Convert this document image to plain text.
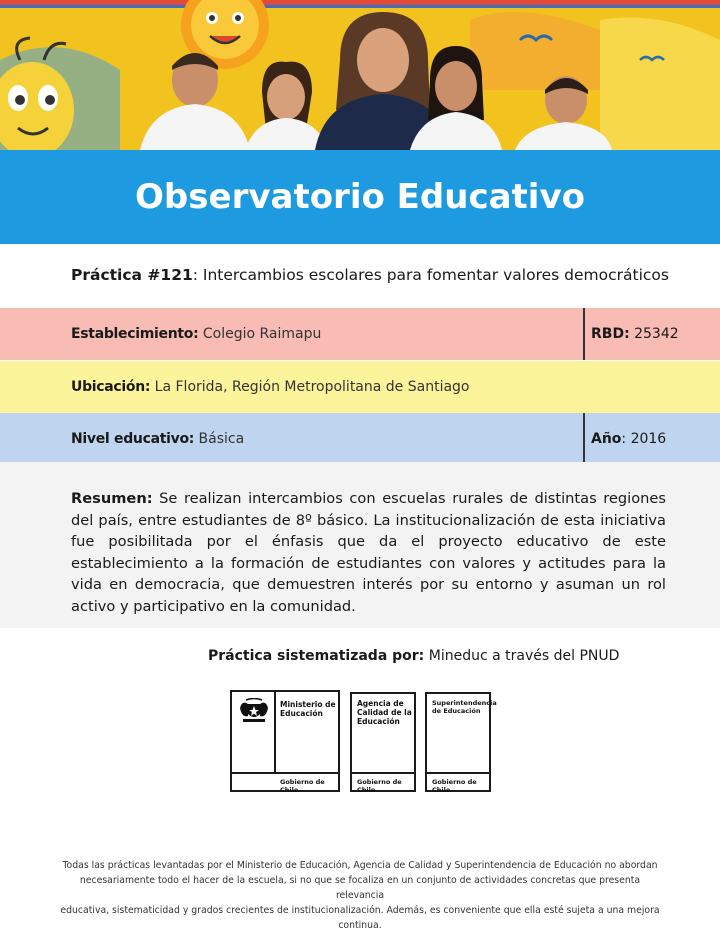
Observatorio Educativo
Práctica #121: Intercambios escolares para fomentar valores democráticos
Establecimiento: Colegio Raimapu	RBD: 25342
Ubicación: La Florida, Región Metropolitana de Santiago
Nivel educativo: Básica	Año: 2016
Resumen: Se realizan intercambios con escuelas rurales de distintas regiones del país, entre estudiantes de 8º básico. La institucionalización de esta iniciativa fue posibilitada por el énfasis que da el proyecto educativo de este establecimiento a la formación de estudiantes con valores y actitudes para la vida en democracia, que demuestren interés por su entorno y asuman un rol activo y participativo en la comunidad.
Práctica sistematizada por: Mineduc a través del PNUD
Ministerio de
Educación
Gobierno de Chile
Agencia de
Calidad de la
Educación
Gobierno de Chile
Superintendencia
de Educación
Gobierno de Chile
Todas las prácticas levantadas por el Ministerio de Educación, Agencia de Calidad y Superintendencia de Educación no abordan
necesariamente todo el hacer de la escuela, si no que se focaliza en un conjunto de actividades concretas que presenta relevancia
educativa, sistematicidad y grados crecientes de institucionalización. Además, es conveniente que ella esté sujeta a una mejora continua.
